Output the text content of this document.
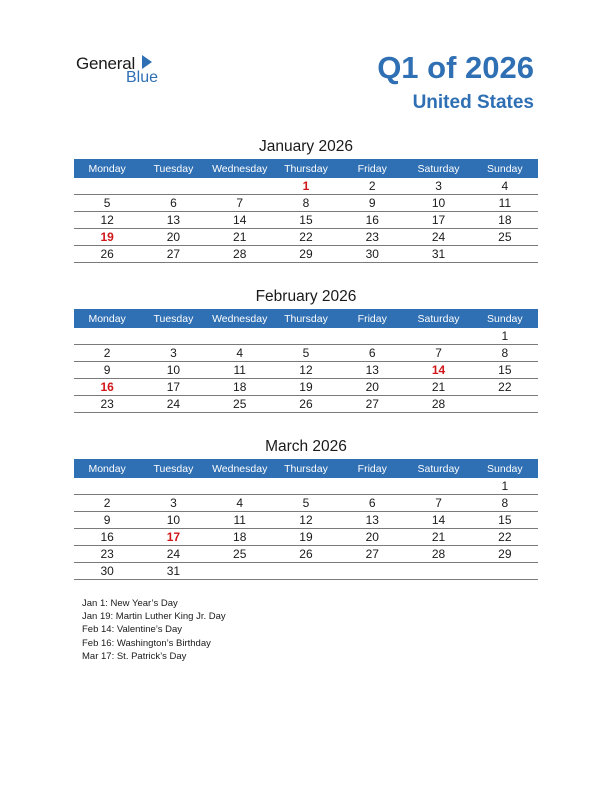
General
Blue	Q1 of 2026
United States
January 2026
Monday	Tuesday	Wednesday	Thursday	Friday	Saturday	Sunday
			1	2	3	4
5	6	7	8	9	10	11
12	13	14	15	16	17	18
19	20	21	22	23	24	25
26	27	28	29	30	31	
February 2026
Monday	Tuesday	Wednesday	Thursday	Friday	Saturday	Sunday
						1
2	3	4	5	6	7	8
9	10	11	12	13	14	15
16	17	18	19	20	21	22
23	24	25	26	27	28	
March 2026
Monday	Tuesday	Wednesday	Thursday	Friday	Saturday	Sunday
						1
2	3	4	5	6	7	8
9	10	11	12	13	14	15
16	17	18	19	20	21	22
23	24	25	26	27	28	29
30	31					
Jan 1: New Year’s Day
Jan 19: Martin Luther King Jr. Day
Feb 14: Valentine’s Day
Feb 16: Washington’s Birthday
Mar 17: St. Patrick’s Day
